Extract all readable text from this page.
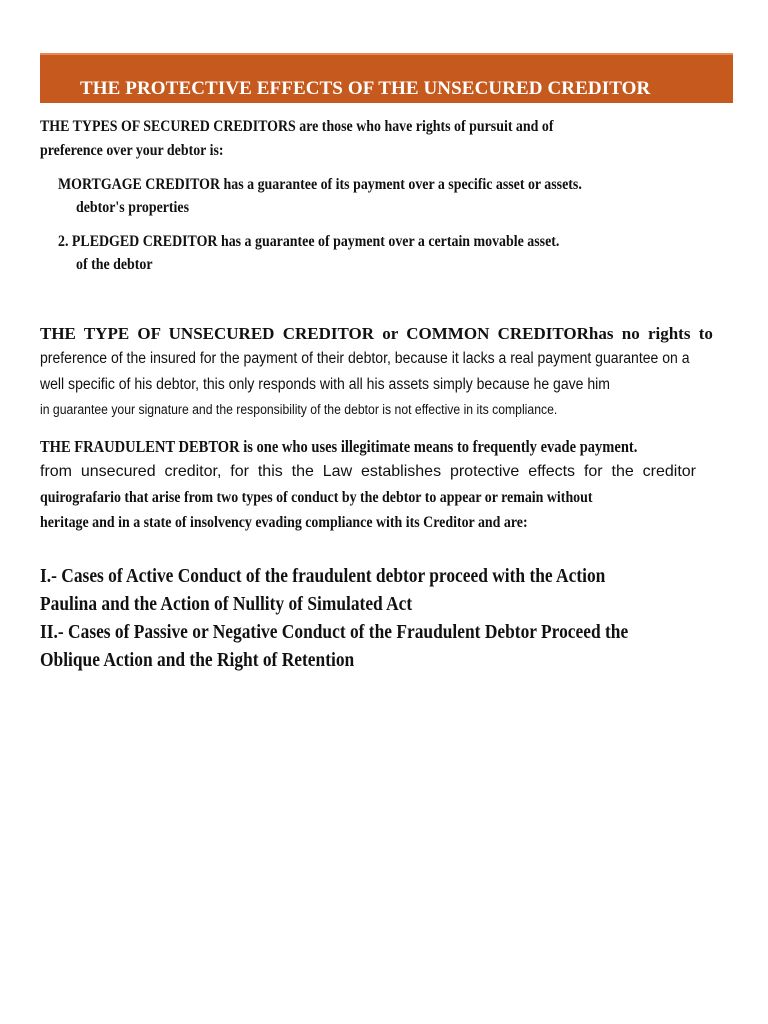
THE PROTECTIVE EFFECTS OF THE UNSECURED CREDITOR
THE TYPES OF SECURED CREDITORS are those who have rights of pursuit and of
preference over your debtor is:
MORTGAGE CREDITOR has a guarantee of its payment over a specific asset or assets.
debtor's properties
2. PLEDGED CREDITOR has a guarantee of payment over a certain movable asset.
of the debtor
THE TYPE OF UNSECURED CREDITOR or COMMON CREDITOR has no rights to
preference of the insured for the payment of their debtor, because it lacks a real payment guarantee on a
well specific of his debtor, this only responds with all his assets simply because he gave him
in guarantee your signature and the responsibility of the debtor is not effective in its compliance.
THE FRAUDULENT DEBTOR is one who uses illegitimate means to frequently evade payment.
from unsecured creditor, for this the Law establishes protective effects for the creditor
quirografario that arise from two types of conduct by the debtor to appear or remain without
heritage and in a state of insolvency evading compliance with its Creditor and are:
I.- Cases of Active Conduct of the fraudulent debtor proceed with the Action
Paulina and the Action of Nullity of Simulated Act
II.- Cases of Passive or Negative Conduct of the Fraudulent Debtor Proceed the
Oblique Action and the Right of Retention
